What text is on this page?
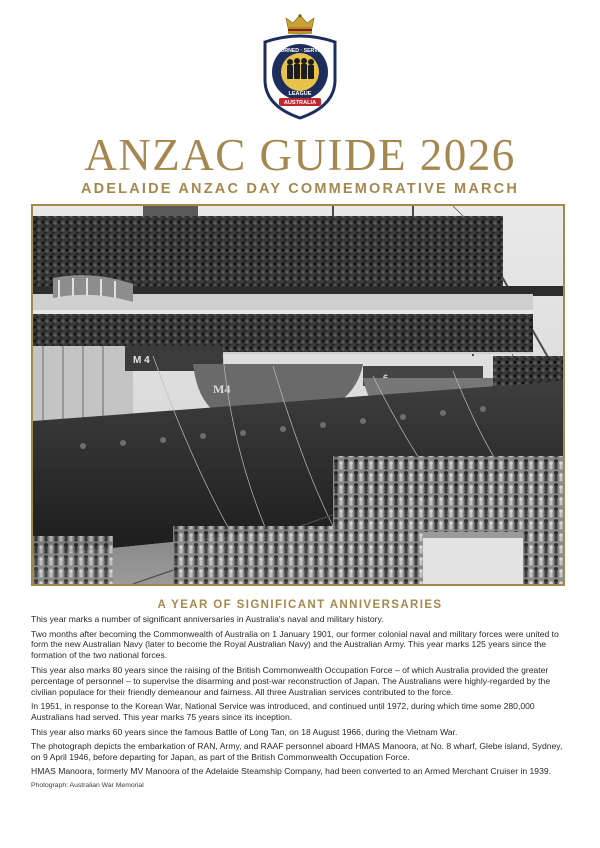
RETURNED · SERVICES
LEAGUE
AUSTRALIA
ANZAC GUIDE 2026
ADELAIDE ANZAC DAY COMMEMORATIVE MARCH
M 4
M4
A YEAR OF SIGNIFICANT ANNIVERSARIES

This year marks a number of significant anniversaries in Australia's naval and military history.

Two months after becoming the Commonwealth of Australia on 1 January 1901, our former colonial naval and military forces were united to form the new Australian Navy (later to become the Royal Australian Navy) and the Australian Army. This year marks 125 years since the formation of the two national forces.

This year also marks 80 years since the raising of the British Commonwealth Occupation Force – of which Australia provided the greater percentage of personnel – to supervise the disarming and post-war reconstruction of Japan. The Australians were highly-regarded by the civilian populace for their friendly demeanour and fairness. All three Australian services contributed to the force.

In 1951, in response to the Korean War, National Service was introduced, and continued until 1972, during which time some 280,000 Australians had served. This year marks 75 years since its inception.

This year also marks 60 years since the famous Battle of Long Tan, on 18 August 1966, during the Vietnam War.

The photograph depicts the embarkation of RAN, Army, and RAAF personnel aboard HMAS Manoora, at No. 8 wharf, Glebe island, Sydney, on 9 April 1946, before departing for Japan, as part of the British Commonwealth Occupation Force.

HMAS Manoora, formerly MV Manoora of the Adelaide Steamship Company, had been converted to an Armed Merchant Cruiser in 1939.

Photograph: Australian War Memorial
